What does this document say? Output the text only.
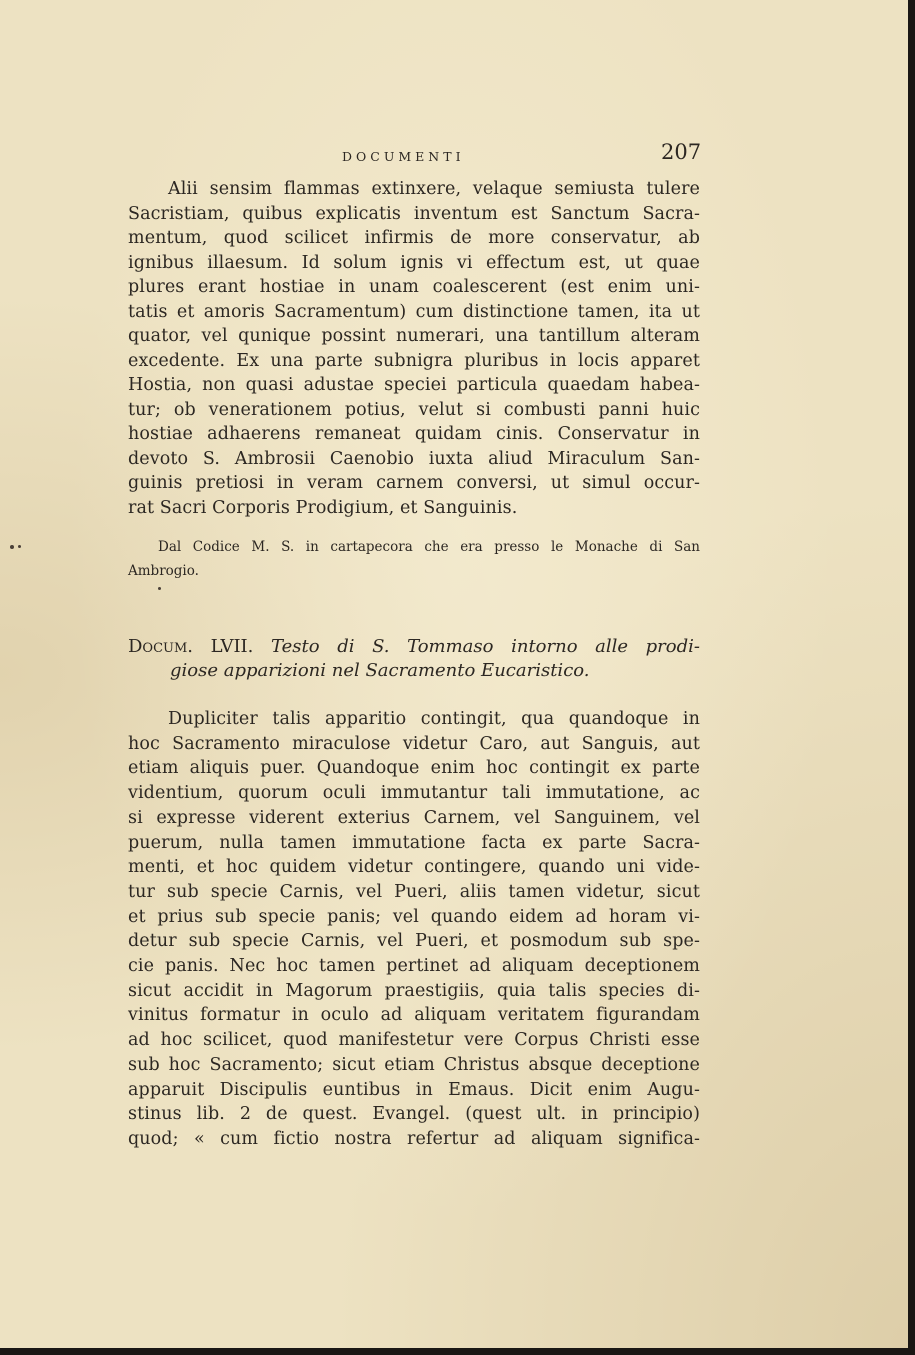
DOCUMENTI	207

Alii sensim flammas extinxere, velaque semiusta tulere

Sacristiam, quibus explicatis inventum est Sanctum Sacra-

mentum, quod scilicet infirmis de more conservatur, ab

ignibus illaesum. Id solum ignis vi effectum est, ut quae

plures erant hostiae in unam coalescerent (est enim uni-

tatis et amoris Sacramentum) cum distinctione tamen, ita ut

quator, vel qunique possint numerari, una tantillum alteram

excedente. Ex una parte subnigra pluribus in locis apparet

Hostia, non quasi adustae speciei particula quaedam habea-

tur; ob venerationem potius, velut si combusti panni huic

hostiae adhaerens remaneat quidam cinis. Conservatur in

devoto S. Ambrosii Caenobio iuxta aliud Miraculum San-

guinis pretiosi in veram carnem conversi, ut simul occur-

rat Sacri Corporis Prodigium, et Sanguinis.

Dal Codice M. S. in cartapecora che era presso le Monache di San

Ambrogio.

Docum. LVII. Testo di S. Tommaso intorno alle prodi-

giose apparizioni nel Sacramento Eucaristico.

Dupliciter talis apparitio contingit, qua quandoque in

hoc Sacramento miraculose videtur Caro, aut Sanguis, aut

etiam aliquis puer. Quandoque enim hoc contingit ex parte

videntium, quorum oculi immutantur tali immutatione, ac

si expresse viderent exterius Carnem, vel Sanguinem, vel

puerum, nulla tamen immutatione facta ex parte Sacra-

menti, et hoc quidem videtur contingere, quando uni vide-

tur sub specie Carnis, vel Pueri, aliis tamen videtur, sicut

et prius sub specie panis; vel quando eidem ad horam vi-

detur sub specie Carnis, vel Pueri, et posmodum sub spe-

cie panis. Nec hoc tamen pertinet ad aliquam deceptionem

sicut accidit in Magorum praestigiis, quia talis species di-

vinitus formatur in oculo ad aliquam veritatem figurandam

ad hoc scilicet, quod manifestetur vere Corpus Christi esse

sub hoc Sacramento; sicut etiam Christus absque deceptione

apparuit Discipulis euntibus in Emaus. Dicit enim Augu-

stinus lib. 2 de quest. Evangel. (quest ult. in principio)

quod; « cum fictio nostra refertur ad aliquam significa-
